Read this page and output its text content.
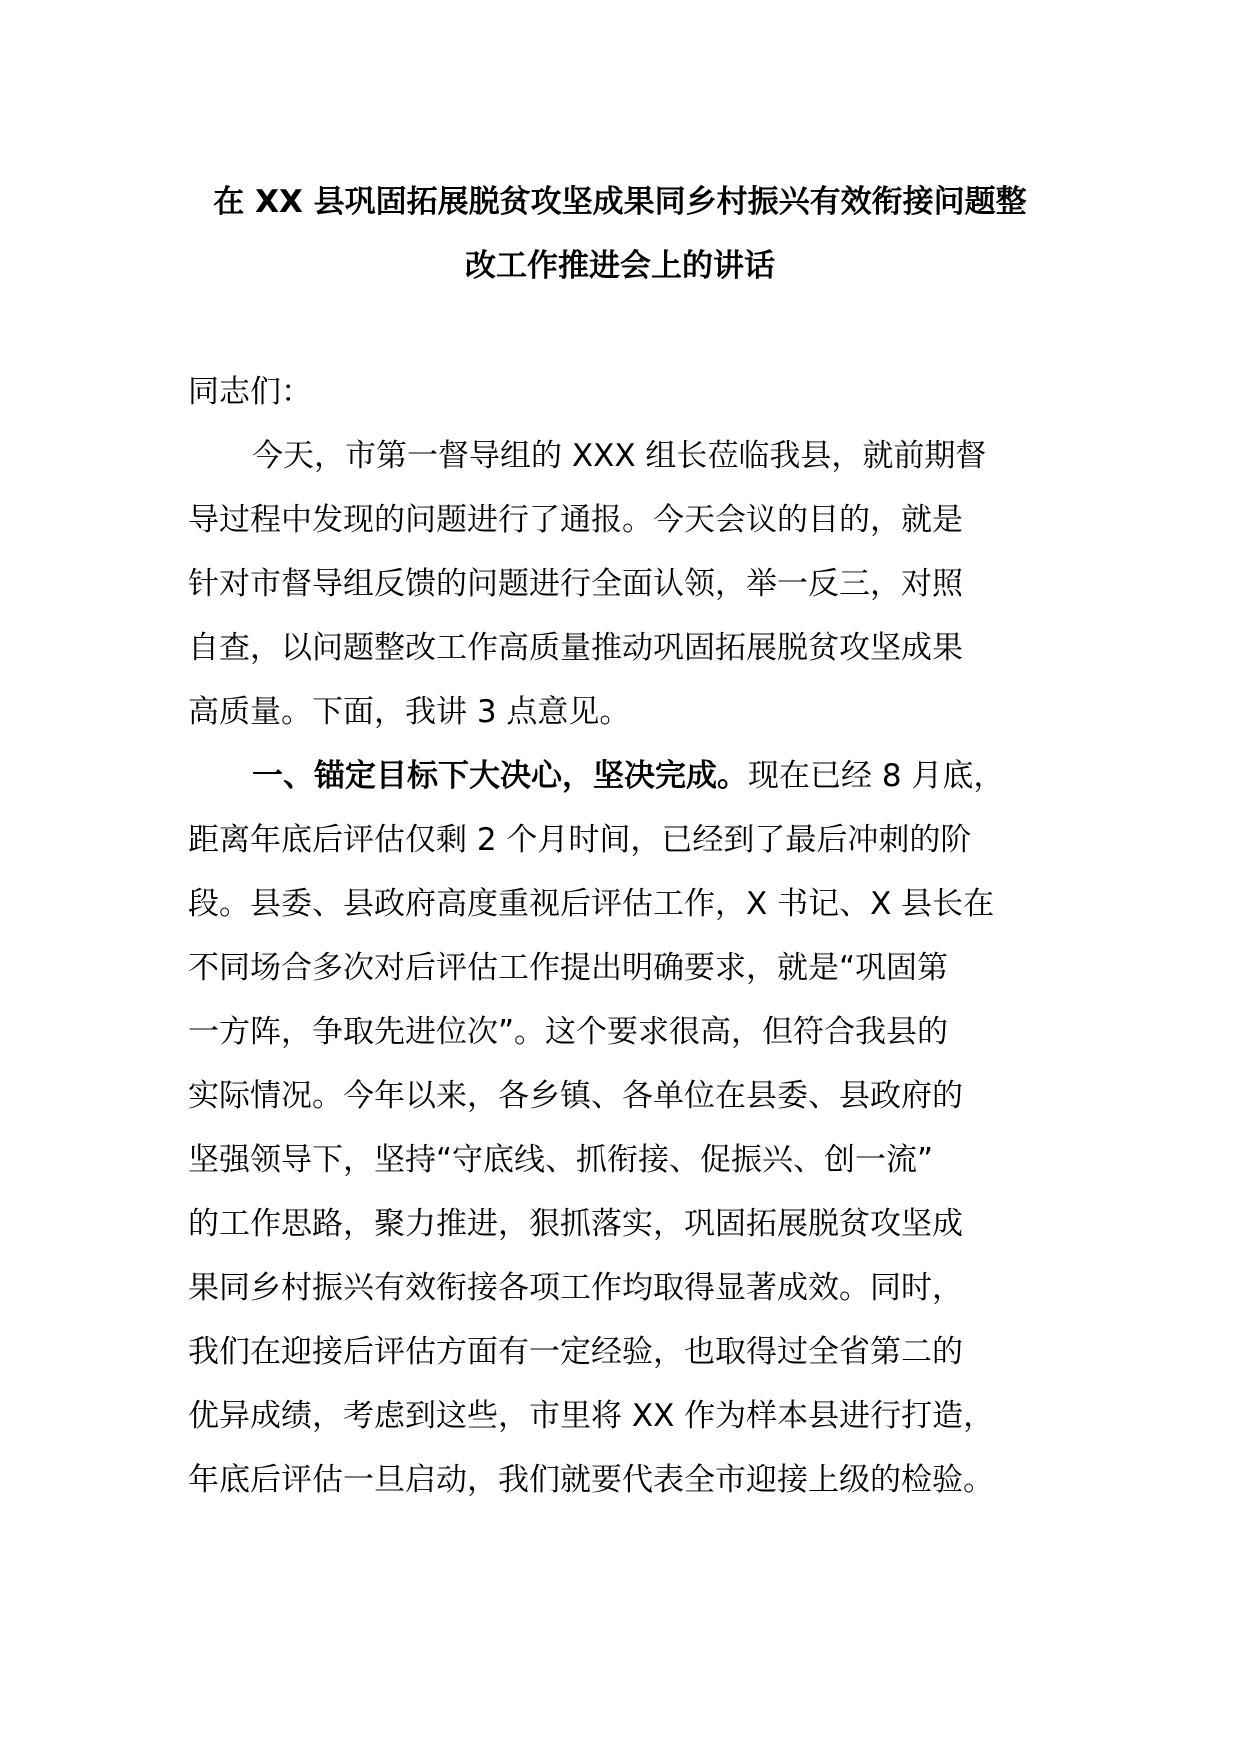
在 XX 县巩固拓展脱贫攻坚成果同乡村振兴有效衔接问题整
改工作推进会上的讲话
同志们：
今天，市第一督导组的 XXX 组长莅临我县，就前期督
导过程中发现的问题进行了通报。今天会议的目的，就是
针对市督导组反馈的问题进行全面认领，举一反三，对照
自查，以问题整改工作高质量推动巩固拓展脱贫攻坚成果
高质量。下面，我讲 3 点意见。
一、锚定目标下大决心，坚决完成。现在已经 8 月底，
距离年底后评估仅剩 2 个月时间，已经到了最后冲刺的阶
段。县委、县政府高度重视后评估工作，X 书记、X 县长在
不同场合多次对后评估工作提出明确要求，就是“巩固第
一方阵，争取先进位次”。这个要求很高，但符合我县的
实际情况。今年以来，各乡镇、各单位在县委、县政府的
坚强领导下，坚持“守底线、抓衔接、促振兴、创一流”
的工作思路，聚力推进，狠抓落实，巩固拓展脱贫攻坚成
果同乡村振兴有效衔接各项工作均取得显著成效。同时，
我们在迎接后评估方面有一定经验，也取得过全省第二的
优异成绩，考虑到这些，市里将 XX 作为样本县进行打造，
年底后评估一旦启动，我们就要代表全市迎接上级的检验。
